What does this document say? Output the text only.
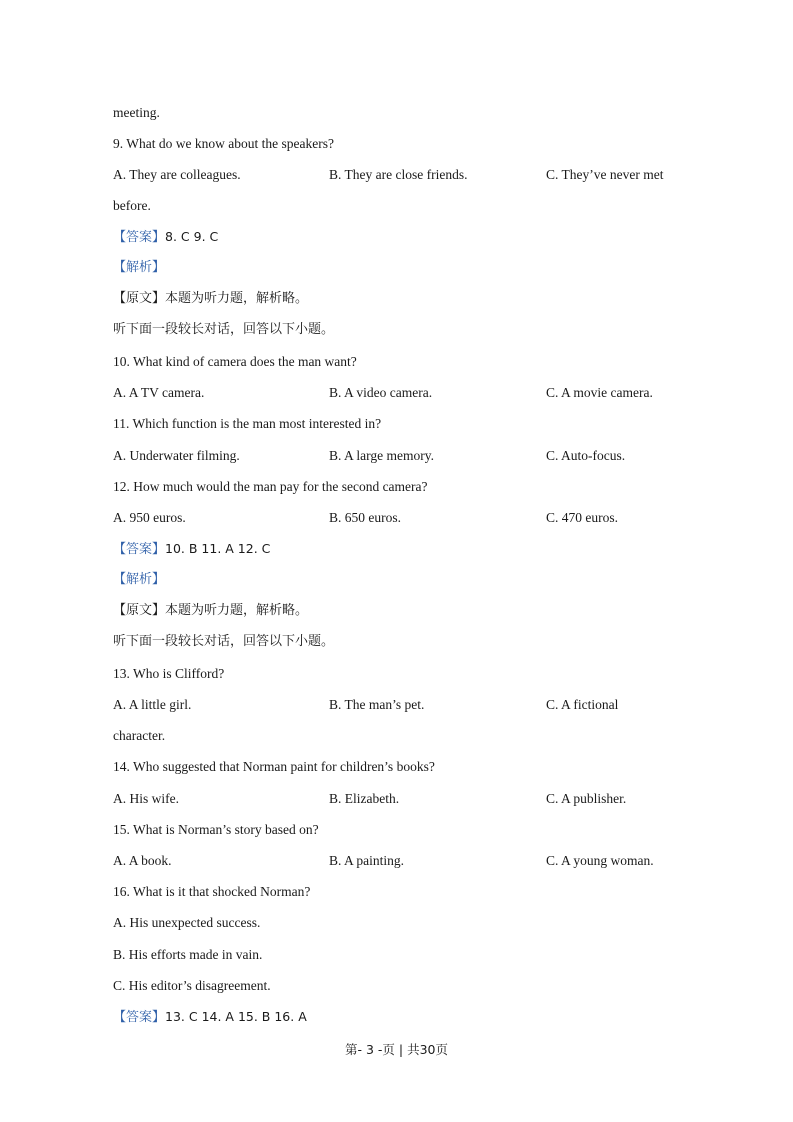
meeting.
9. What do we know about the speakers?
A. They are colleagues.	B. They are close friends.	C. They’ve never met
before.
【答案】8. C 9. C
【解析】
【原文】本题为听力题，解析略。
听下面一段较长对话，回答以下小题。
10. What kind of camera does the man want?
A. A TV camera.	B. A video camera.	C. A movie camera.
11. Which function is the man most interested in?
A. Underwater filming.	B. A large memory.	C. Auto-focus.
12. How much would the man pay for the second camera?
A. 950 euros.	B. 650 euros.	C. 470 euros.
【答案】10. B 11. A 12. C
【解析】
【原文】本题为听力题，解析略。
听下面一段较长对话，回答以下小题。
13. Who is Clifford?
A. A little girl.	B. The man’s pet.	C. A fictional
character.
14. Who suggested that Norman paint for children’s books?
A. His wife.	B. Elizabeth.	C. A publisher.
15. What is Norman’s story based on?
A. A book.	B. A painting.	C. A young woman.
16. What is it that shocked Norman?
A. His unexpected success.
B. His efforts made in vain.
C. His editor’s disagreement.
【答案】13. C 14. A 15. B 16. A
第- 3 -页 | 共30页
